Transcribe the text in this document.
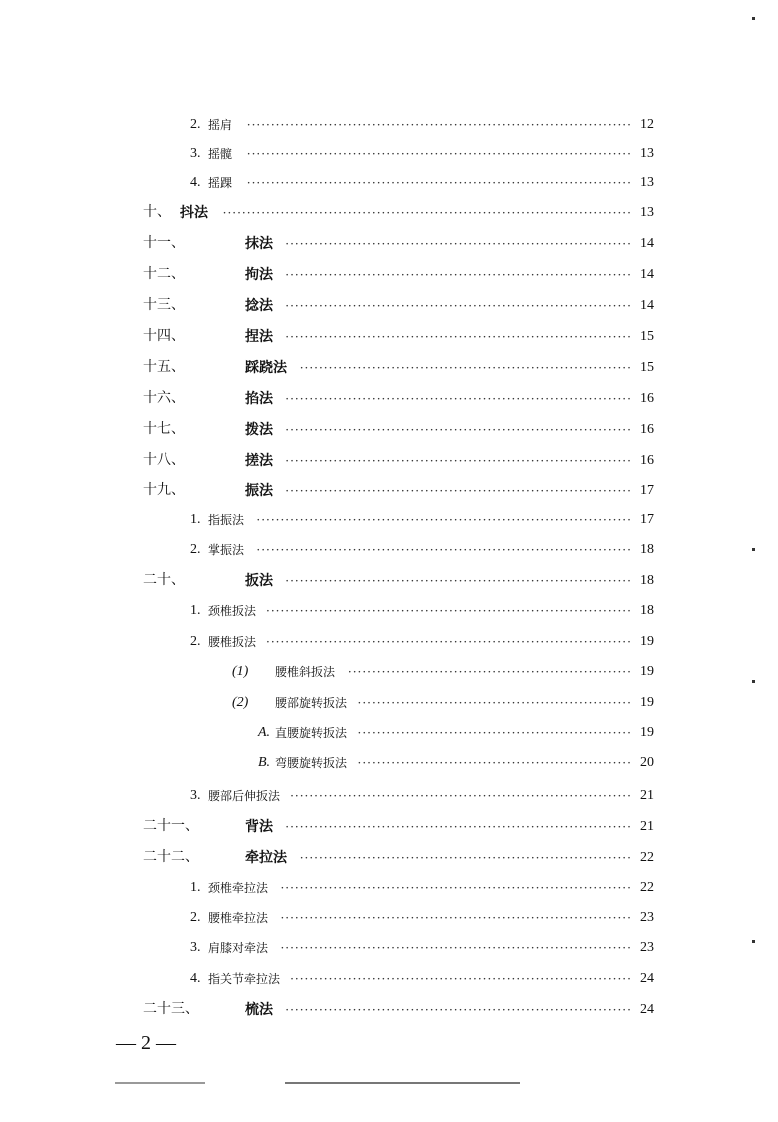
2. 摇肩 ················································································ 12
3. 摇髋 ················································································ 13
4. 摇踝 ················································································ 13
十、 抖法 ····················································································· 13
十一、	抹法 ········································································ 14
十二、	拘法 ········································································ 14
十三、	捻法 ········································································ 14
十四、	捏法 ········································································ 15
十五、	踩跷法 ····································································· 15
十六、	掐法 ········································································ 16
十七、	拨法 ········································································ 16
十八、	搓法 ········································································ 16
十九、	振法 ········································································ 17
1. 指振法 ·············································································· 17
2. 掌振法 ·············································································· 18
二十、	扳法 ········································································ 18
1. 颈椎扳法 ············································································ 18
2. 腰椎扳法 ············································································ 19
(1) 腰椎斜扳法 ··························································· 19
(2) 腰部旋转扳法 ························································· 19
A. 直腰旋转扳法 ························································· 19
B. 弯腰旋转扳法 ························································· 20
3. 腰部后伸扳法 ······································································· 21
二十一、	背法 ········································································ 21
二十二、	牵拉法 ····································································· 22
1. 颈椎牵拉法 ········································································· 22
2. 腰椎牵拉法 ········································································· 23
3. 肩膝对牵法 ········································································· 23
4. 指关节牵拉法 ······································································· 24
二十三、	梳法 ········································································ 24
— 2 —
